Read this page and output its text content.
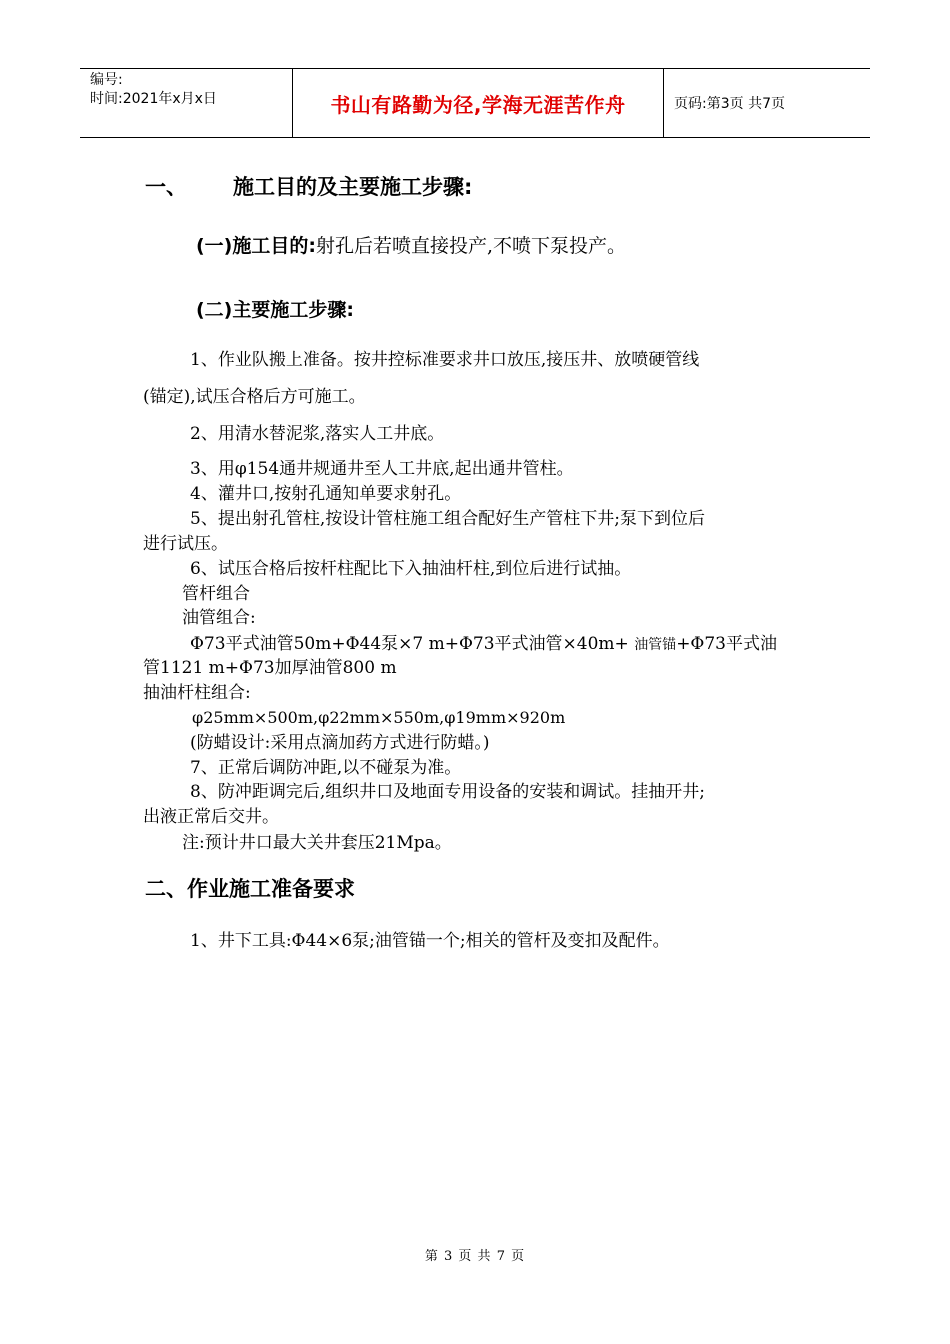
编号:
时间:2021年x月x日	书山有路勤为径,学海无涯苦作舟	页码:第3页 共7页
一、 施工目的及主要施工步骤:
(一)施工目的:射孔后若喷直接投产,不喷下泵投产。
(二)主要施工步骤:
1、作业队搬上准备。按井控标准要求井口放压,接压井、放喷硬管线
(锚定),试压合格后方可施工。
2、用清水替泥浆,落实人工井底。
3、用φ154通井规通井至人工井底,起出通井管柱。
4、灌井口,按射孔通知单要求射孔。
5、提出射孔管柱,按设计管柱施工组合配好生产管柱下井;泵下到位后
进行试压。
6、试压合格后按杆柱配比下入抽油杆柱,到位后进行试抽。
管杆组合
油管组合:
Φ73平式油管50m+Φ44泵×7 m+Φ73平式油管×40m+ 油管锚+Φ73平式油
管1121 m+Φ73加厚油管800 m
抽油杆柱组合:
φ25mm×500m,φ22mm×550m,φ19mm×920m
(防蜡设计:采用点滴加药方式进行防蜡。)
7、正常后调防冲距,以不碰泵为准。
8、防冲距调完后,组织井口及地面专用设备的安装和调试。挂抽开井;
出液正常后交井。
注:预计井口最大关井套压21Mpa。
二、作业施工准备要求
1、井下工具:Φ44×6泵;油管锚一个;相关的管杆及变扣及配件。
第 3 页 共 7 页
